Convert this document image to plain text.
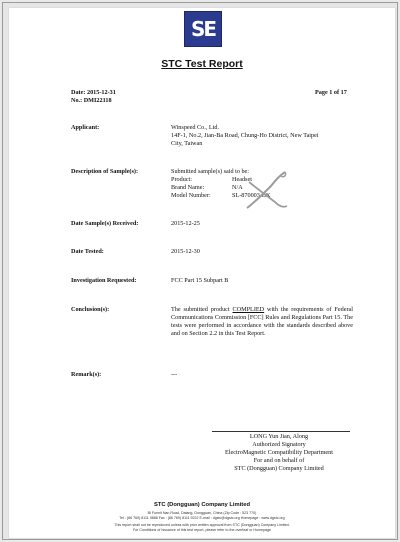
SE
STC Test Report
Date: 2015-12-31	Page 1 of 17
No.: DMI22118
Applicant:	Winspeed Co., Ltd.
14F-1, No.2, Jian-Ba Road, Chung-Ho District, New Taipei
City, Taiwan
Description of Sample(s):	Submitted sample(s) said to be:
Product:	Headset
Brand Name:	N/A
Model Number:	SL-870003-BK
Date Sample(s) Received:	2015-12-25
Date Tested:	2015-12-30
Investigation Requested:	FCC Part 15 Subpart B
Conclusion(s):	The submitted product COMPLIED with the requirements of Federal Communications Commission [FCC] Rules and Regulations Part 15. The tests were performed in accordance with the standards described above and on Section 2.2 in this Test Report.
Remark(s):	---
LONG Yun Jian, Along
Authorized Signatory
ElectroMagnetic Compatibility Department
For and on behalf of
STC (Dongguan) Company Limited
STC (Dongguan) Company Limited
Bi Funnit Nan Road, Dalang, Dongguan, China (Zip Code : 523 770)
Tel : (86 769) 8111 9888 Fax : (86 769) 8111 9222 E-mail : dgstc@dgstc.org Homepage : www.dgstc.org
This report shall not be reproduced unless with prior written approval from STC (Dongguan) Company Limited.
For Conditions of Issuance of this test report, please refer to the overleaf or Homepage
